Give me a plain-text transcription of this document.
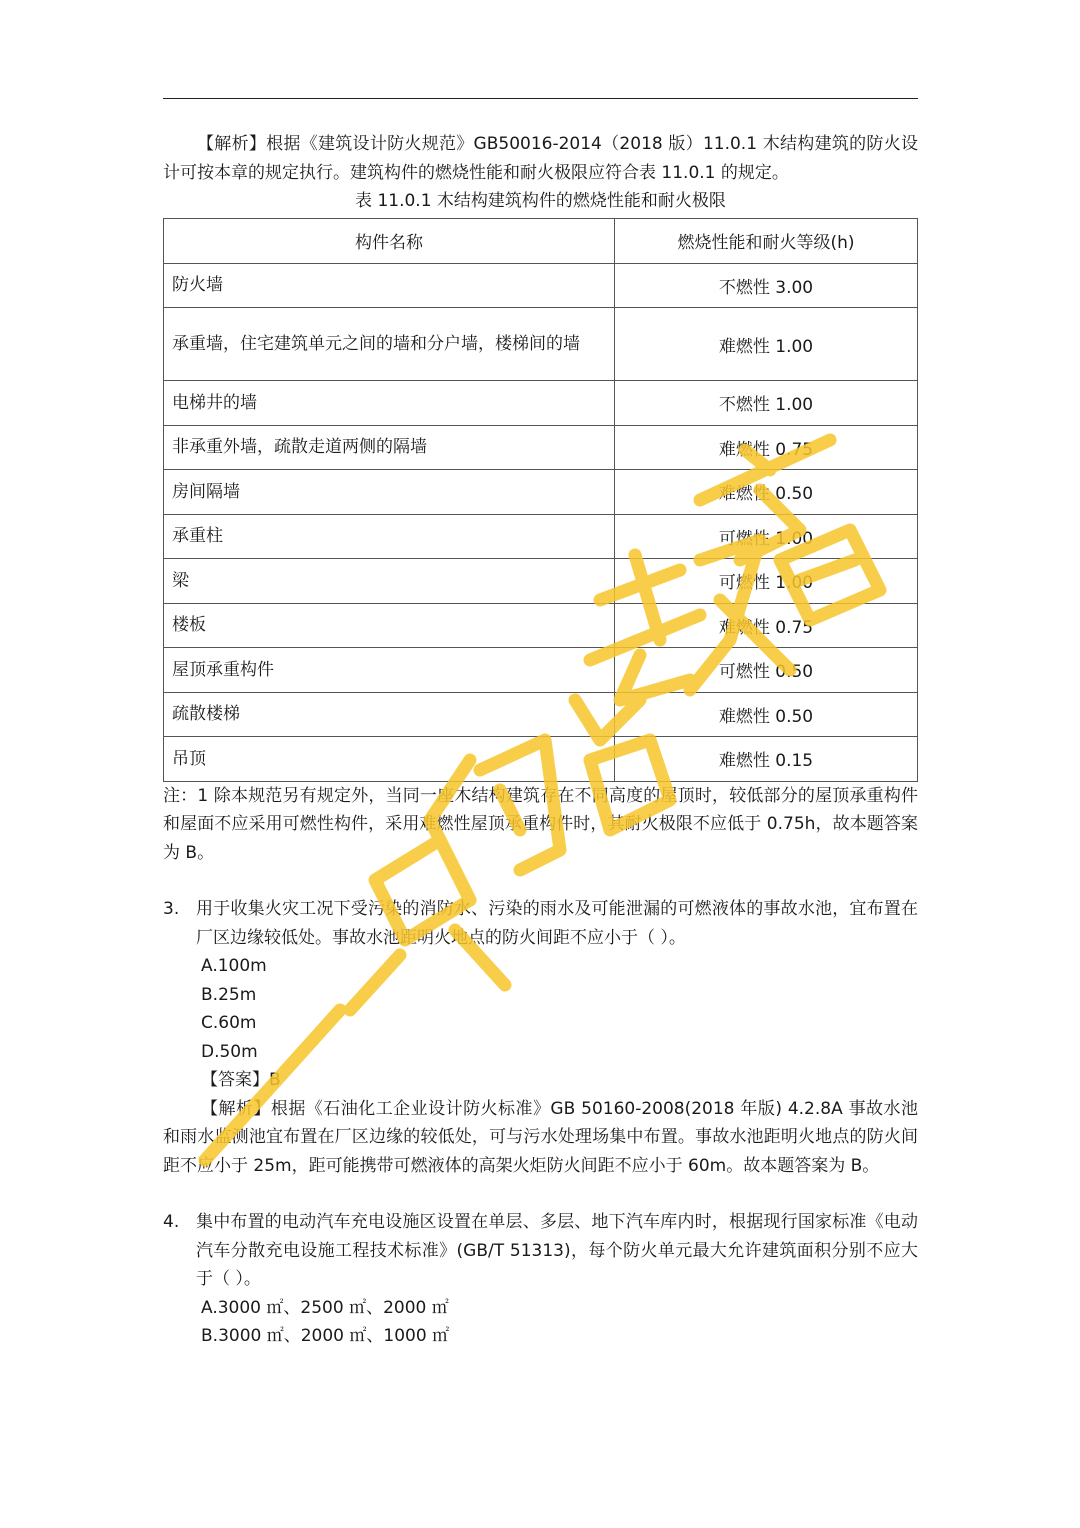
【解析】根据《建筑设计防火规范》GB50016-2014（2018 版）11.0.1 木结构建筑的防火设计可按本章的规定执行。建筑构件的燃烧性能和耐火极限应符合表 11.0.1 的规定。

表 11.0.1 木结构建筑构件的燃烧性能和耐火极限
构件名称	燃烧性能和耐火等级(h)
防火墙	不燃性 3.00
承重墙，住宅建筑单元之间的墙和分户墙，楼梯间的墙	难燃性 1.00
电梯井的墙	不燃性 1.00
非承重外墙，疏散走道两侧的隔墙	难燃性 0.75
房间隔墙	难燃性 0.50
承重柱	可燃性 1.00
梁	可燃性 1.00
楼板	难燃性 0.75
屋顶承重构件	可燃性 0.50
疏散楼梯	难燃性 0.50
吊顶	难燃性 0.15

注：1 除本规范另有规定外，当同一座木结构建筑存在不同高度的屋顶时，较低部分的屋顶承重构件和屋面不应采用可燃性构件，采用难燃性屋顶承重构件时，其耐火极限不应低于 0.75h，故本题答案为 B。

3. 用于收集火灾工况下受污染的消防水、污染的雨水及可能泄漏的可燃液体的事故水池，宜布置在厂区边缘较低处。事故水池距明火地点的防火间距不应小于（ ）。
A.100m
B.25m
C.60m
D.50m
【答案】B

【解析】根据《石油化工企业设计防火标准》GB 50160-2008(2018 年版) 4.2.8A 事故水池和雨水监测池宜布置在厂区边缘的较低处，可与污水处理场集中布置。事故水池距明火地点的防火间距不应小于 25m，距可能携带可燃液体的高架火炬防火间距不应小于 60m。故本题答案为 B。

4. 集中布置的电动汽车充电设施区设置在单层、多层、地下汽车库内时，根据现行国家标准《电动汽车分散充电设施工程技术标准》(GB/T 51313)，每个防火单元最大允许建筑面积分别不应大于（ ）。
A.3000 ㎡、2500 ㎡、2000 ㎡
B.3000 ㎡、2000 ㎡、1000 ㎡
